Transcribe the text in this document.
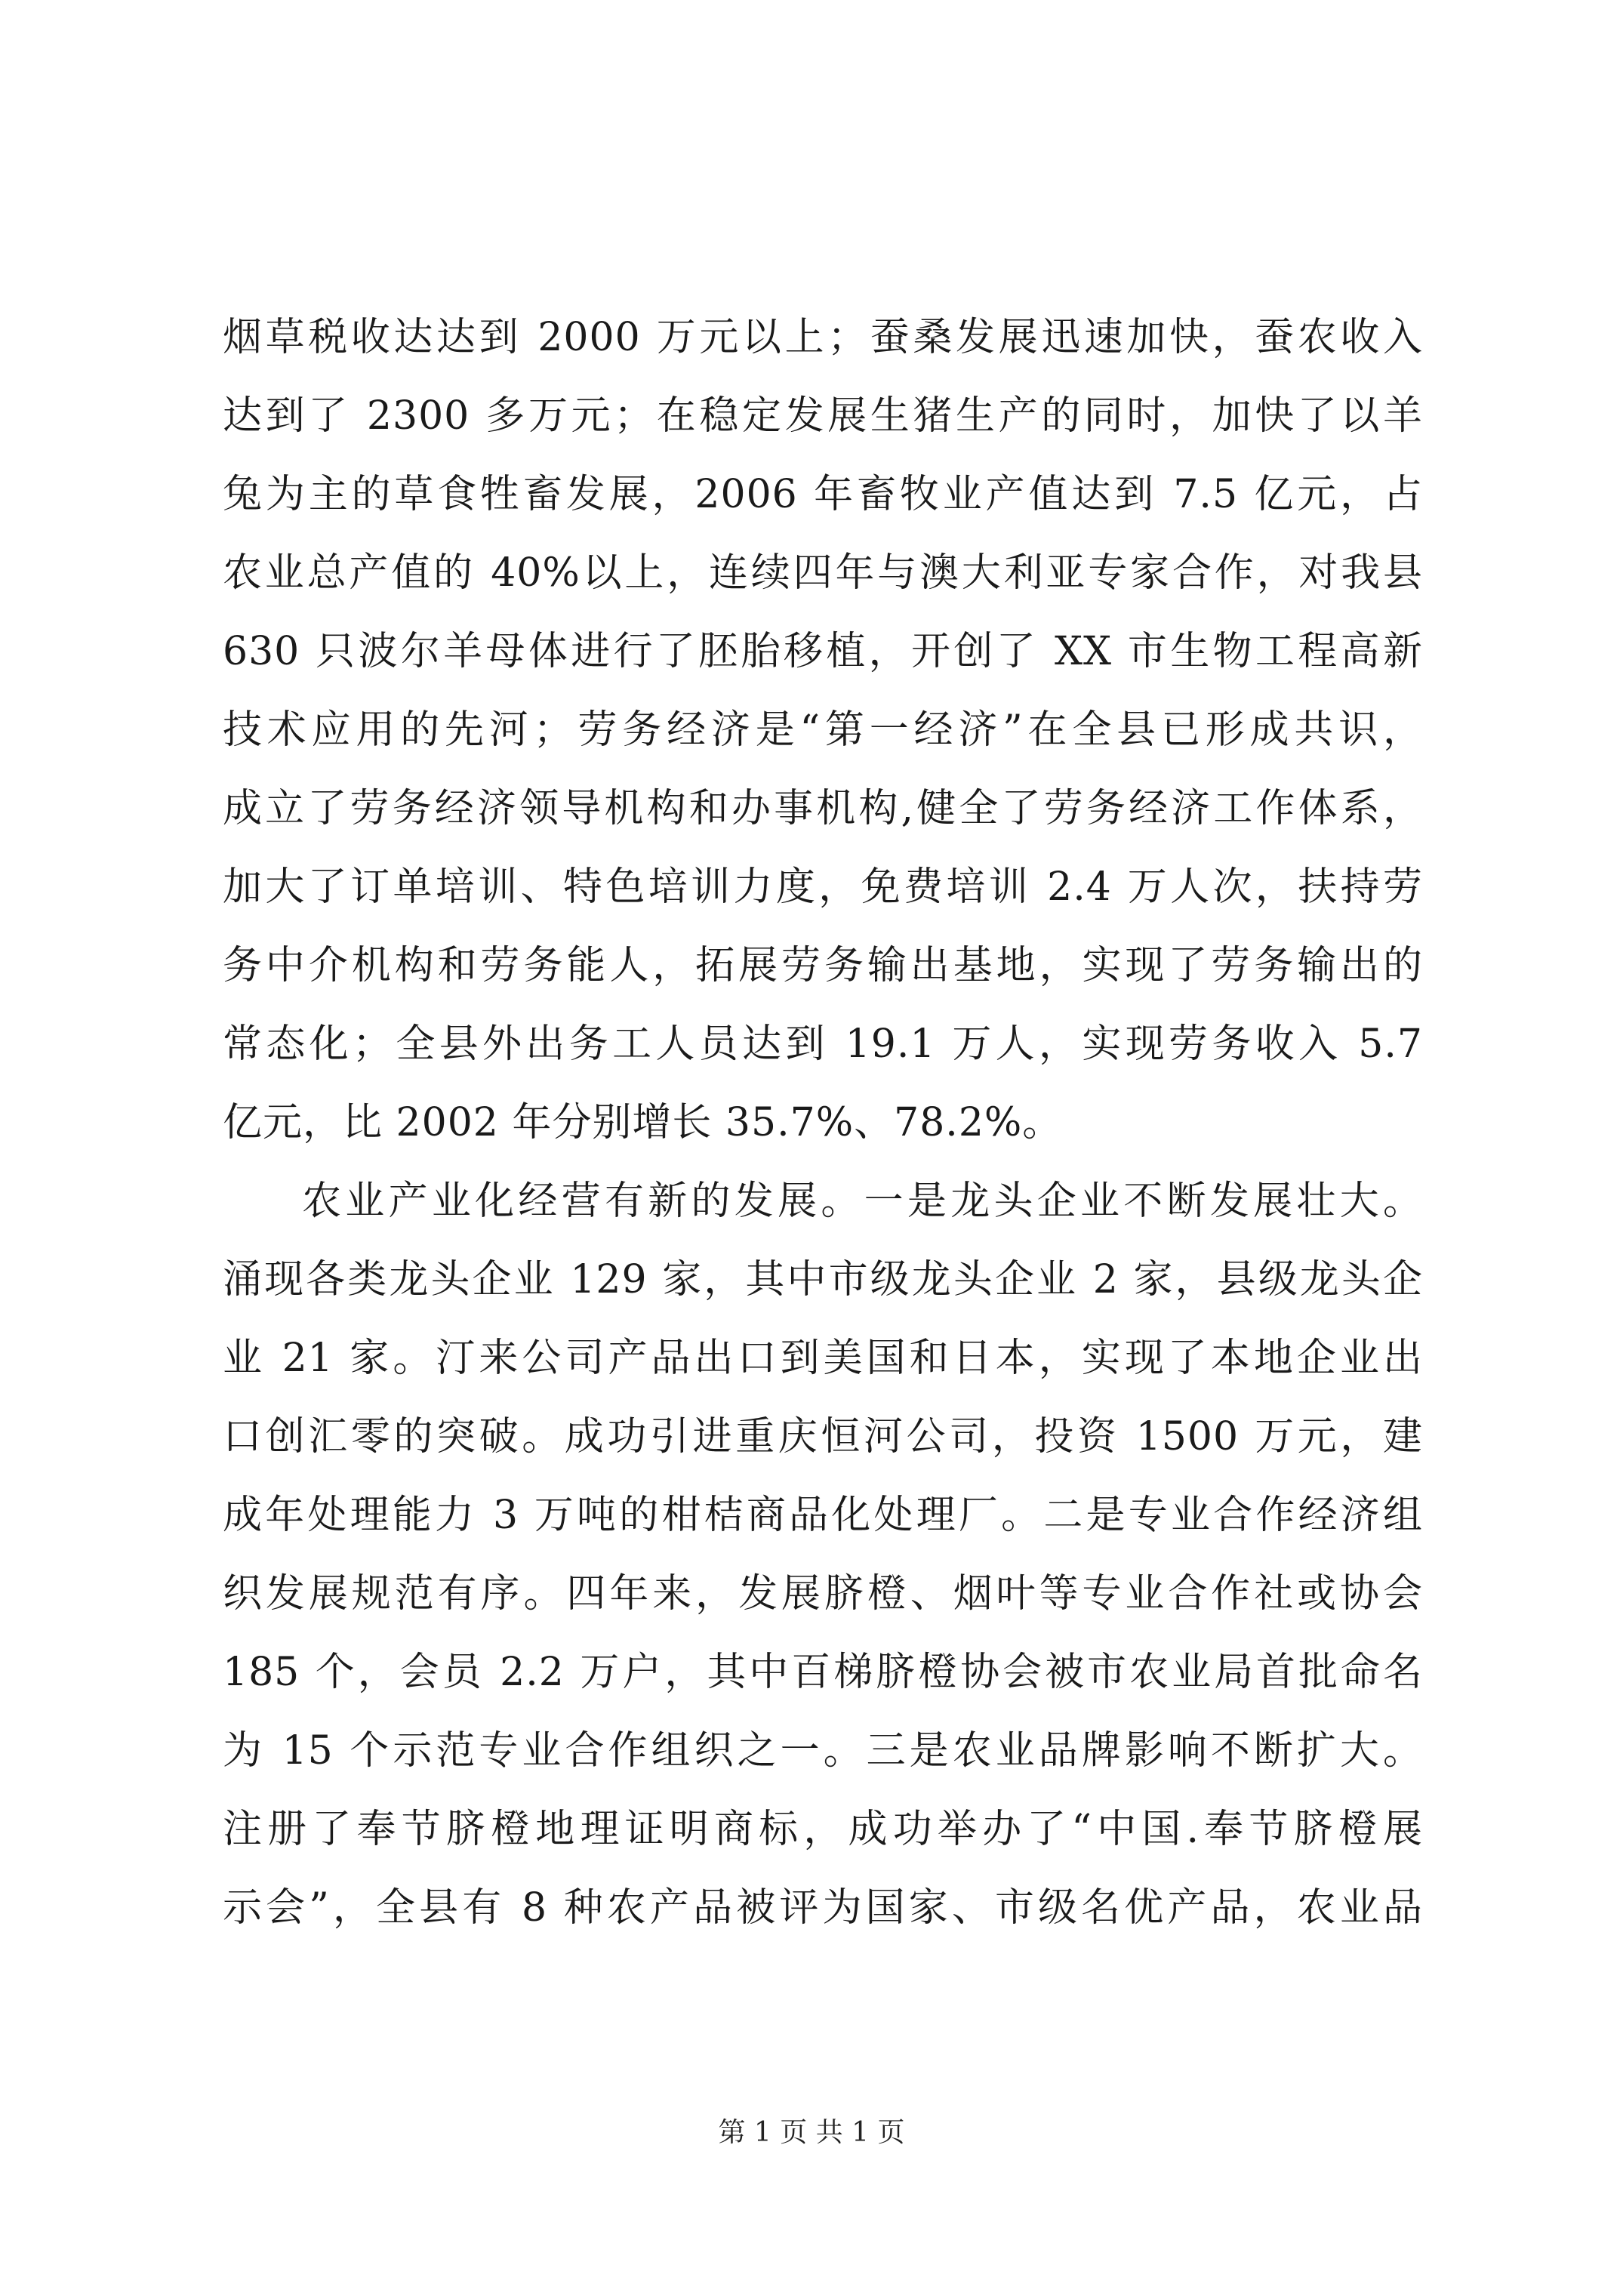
烟草税收达达到 2000 万元以上；蚕桑发展迅速加快，蚕农收入
达到了 2300 多万元；在稳定发展生猪生产的同时，加快了以羊
兔为主的草食牲畜发展，2006 年畜牧业产值达到 7.5 亿元，占
农业总产值的 40%以上，连续四年与澳大利亚专家合作，对我县
630 只波尔羊母体进行了胚胎移植，开创了 XX 市生物工程高新
技术应用的先河；劳务经济是“第一经济”在全县已形成共识，
成立了劳务经济领导机构和办事机构,健全了劳务经济工作体系，
加大了订单培训、特色培训力度，免费培训 2.4 万人次，扶持劳
务中介机构和劳务能人，拓展劳务输出基地，实现了劳务输出的
常态化；全县外出务工人员达到 19.1 万人，实现劳务收入 5.7
亿元，比 2002 年分别增长 35.7%、78.2%。
农业产业化经营有新的发展。一是龙头企业不断发展壮大。
涌现各类龙头企业 129 家，其中市级龙头企业 2 家，县级龙头企
业 21 家。汀来公司产品出口到美国和日本，实现了本地企业出
口创汇零的突破。成功引进重庆恒河公司，投资 1500 万元，建
成年处理能力 3 万吨的柑桔商品化处理厂。二是专业合作经济组
织发展规范有序。四年来，发展脐橙、烟叶等专业合作社或协会
185 个，会员 2.2 万户，其中百梯脐橙协会被市农业局首批命名
为 15 个示范专业合作组织之一。三是农业品牌影响不断扩大。
注册了奉节脐橙地理证明商标，成功举办了“中国.奉节脐橙展
示会”，全县有 8 种农产品被评为国家、市级名优产品，农业品
第 1 页 共 1 页
